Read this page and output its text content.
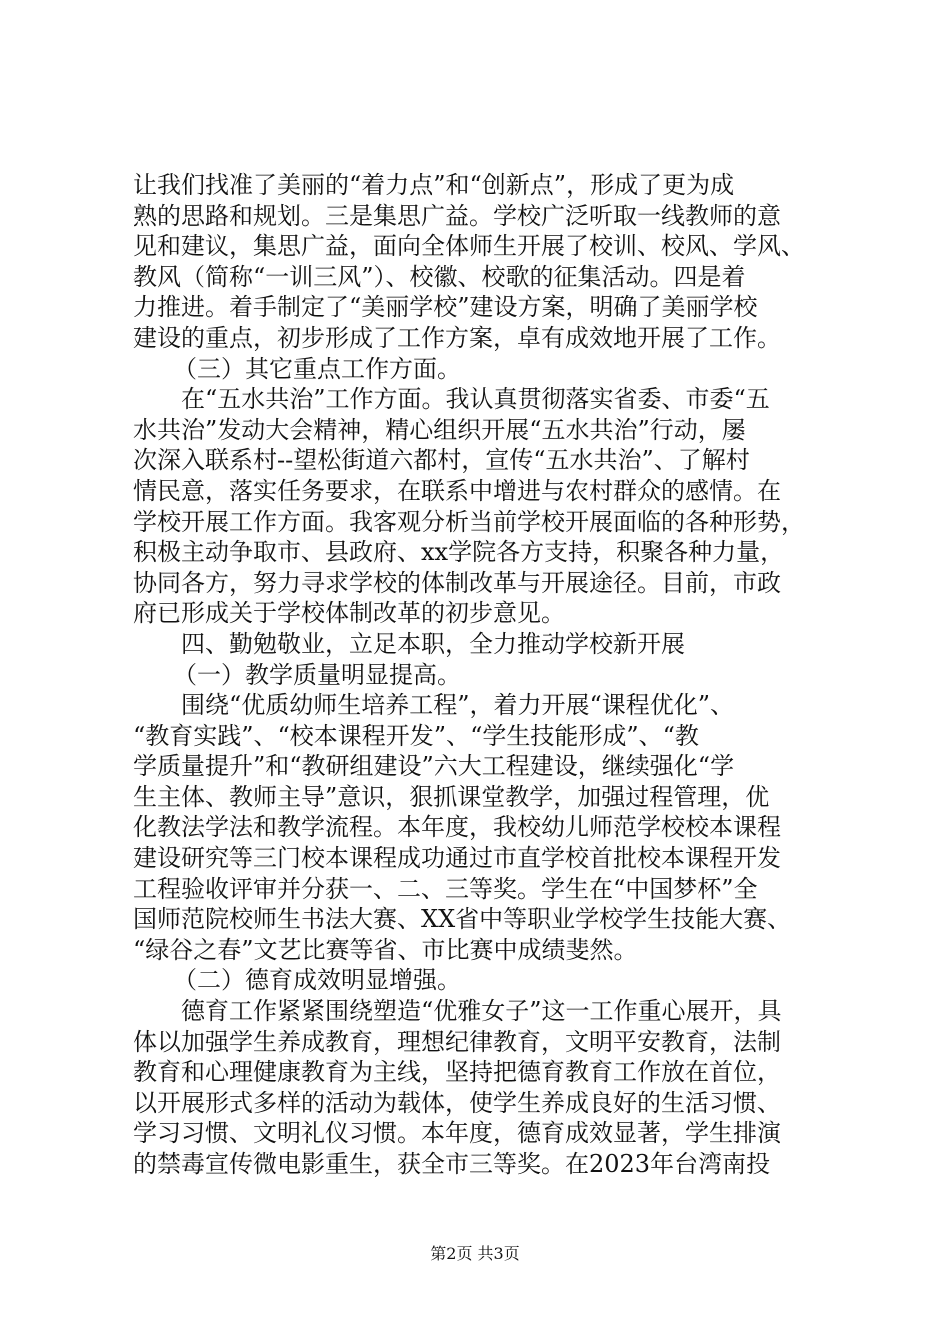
让我们找准了美丽的“着力点”和“创新点”，形成了更为成
熟的思路和规划。三是集思广益。学校广泛听取一线教师的意
见和建议，集思广益，面向全体师生开展了校训、校风、学风、
教风（简称“一训三风”）、校徽、校歌的征集活动。四是着
力推进。着手制定了“美丽学校”建设方案，明确了美丽学校
建设的重点，初步形成了工作方案，卓有成效地开展了工作。
（三）其它重点工作方面。
在“五水共治”工作方面。我认真贯彻落实省委、市委“五
水共治”发动大会精神，精心组织开展“五水共治”行动，屡
次深入联系村--望松街道六都村，宣传“五水共治”、了解村
情民意，落实任务要求，在联系中增进与农村群众的感情。在
学校开展工作方面。我客观分析当前学校开展面临的各种形势，
积极主动争取市、县政府、xx学院各方支持，积聚各种力量，
协同各方，努力寻求学校的体制改革与开展途径。目前，市政
府已形成关于学校体制改革的初步意见。
四、勤勉敬业，立足本职，全力推动学校新开展
（一）教学质量明显提高。
围绕“优质幼师生培养工程”，着力开展“课程优化”、
“教育实践”、“校本课程开发”、“学生技能形成”、“教
学质量提升”和“教研组建设”六大工程建设，继续强化“学
生主体、教师主导”意识，狠抓课堂教学，加强过程管理，优
化教法学法和教学流程。本年度，我校幼儿师范学校校本课程
建设研究等三门校本课程成功通过市直学校首批校本课程开发
工程验收评审并分获一、二、三等奖。学生在“中国梦杯”全
国师范院校师生书法大赛、XX省中等职业学校学生技能大赛、
“绿谷之春”文艺比赛等省、市比赛中成绩斐然。
（二）德育成效明显增强。
德育工作紧紧围绕塑造“优雅女子”这一工作重心展开，具
体以加强学生养成教育，理想纪律教育，文明平安教育，法制
教育和心理健康教育为主线，坚持把德育教育工作放在首位，
以开展形式多样的活动为载体，使学生养成良好的生活习惯、
学习习惯、文明礼仪习惯。本年度，德育成效显著，学生排演
的禁毒宣传微电影重生，获全市三等奖。在2023年台湾南投
第2页 共3页
